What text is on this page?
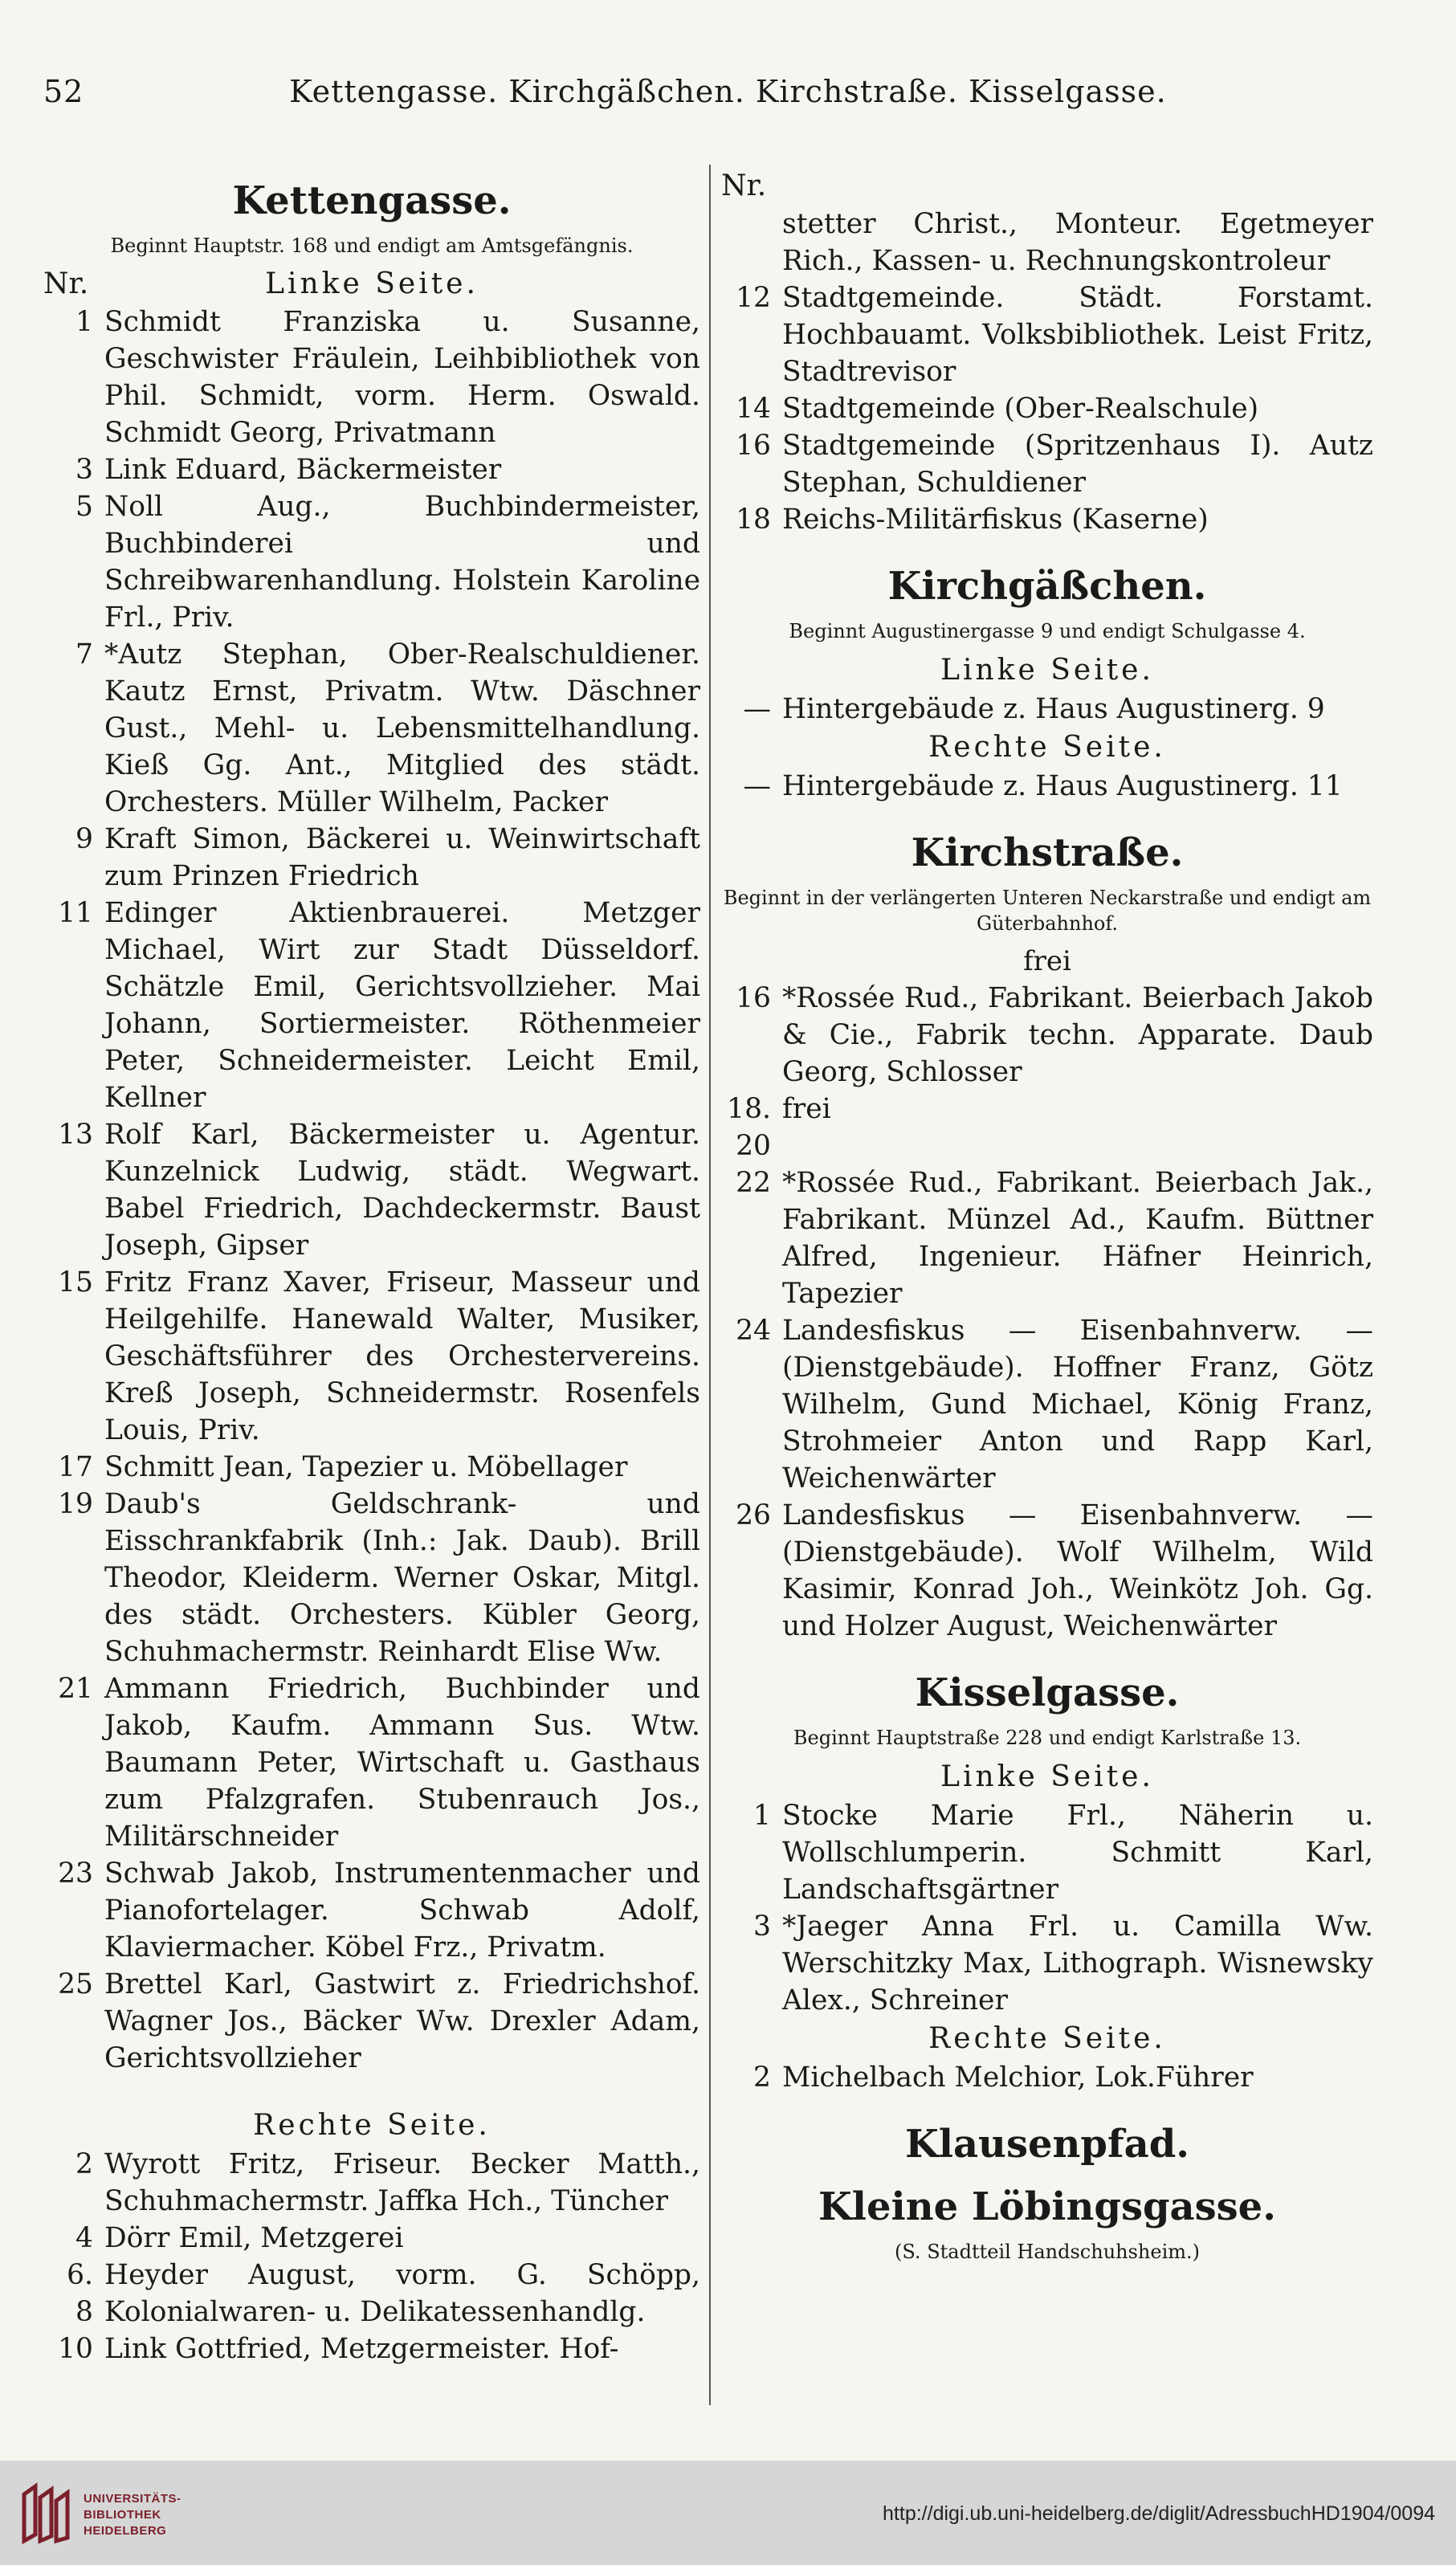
52	Kettengasse. Kirchgäßchen. Kirchstraße. Kisselgasse.
Kettengasse.
Beginnt Hauptstr. 168 und endigt am Amtsgefängnis.
Nr.	Linke Seite.
1 Schmidt Franziska u. Susanne, Geschwister Fräulein, Leihbibliothek von Phil. Schmidt, vorm. Herm. Oswald. Schmidt Georg, Privatmann
3 Link Eduard, Bäckermeister
5 Noll Aug., Buchbindermeister, Buchbinderei und Schreibwarenhandlung. Holstein Karoline Frl., Priv.
7 *Autz Stephan, Ober-Realschuldiener. Kautz Ernst, Privatm. Wtw. Däschner Gust., Mehl- u. Lebensmittelhandlung. Kieß Gg. Ant., Mitglied des städt. Orchesters. Müller Wilhelm, Packer
9 Kraft Simon, Bäckerei u. Weinwirtschaft zum Prinzen Friedrich
11 Edinger Aktienbrauerei. Metzger Michael, Wirt zur Stadt Düsseldorf. Schätzle Emil, Gerichtsvollzieher. Mai Johann, Sortiermeister. Röthenmeier Peter, Schneidermeister. Leicht Emil, Kellner
13 Rolf Karl, Bäckermeister u. Agentur. Kunzelnick Ludwig, städt. Wegwart. Babel Friedrich, Dachdeckermstr. Baust Joseph, Gipser
15 Fritz Franz Xaver, Friseur, Masseur und Heilgehilfe. Hanewald Walter, Musiker, Geschäftsführer des Orchestervereins. Kreß Joseph, Schneidermstr. Rosenfels Louis, Priv.
17 Schmitt Jean, Tapezier u. Möbellager
19 Daub's Geldschrank- und Eisschrankfabrik (Inh.: Jak. Daub). Brill Theodor, Kleiderm. Werner Oskar, Mitgl. des städt. Orchesters. Kübler Georg, Schuhmachermstr. Reinhardt Elise Ww.
21 Ammann Friedrich, Buchbinder und Jakob, Kaufm. Ammann Sus. Wtw. Baumann Peter, Wirtschaft u. Gasthaus zum Pfalzgrafen. Stubenrauch Jos., Militärschneider
23 Schwab Jakob, Instrumentenmacher und Pianofortelager. Schwab Adolf, Klaviermacher. Köbel Frz., Privatm.
25 Brettel Karl, Gastwirt z. Friedrichshof. Wagner Jos., Bäcker Ww. Drexler Adam, Gerichtsvollzieher
Rechte Seite.
2 Wyrott Fritz, Friseur. Becker Matth., Schuhmachermstr. Jaffka Hch., Tüncher
4 Dörr Emil, Metzgerei
6. 8
Heyder August, vorm. G. Schöpp, Kolonialwaren- u. Delikatessenhandlg.
10 Link Gottfried, Metzgermeister. Hof-
Nr.
stetter Christ., Monteur. Egetmeyer Rich., Kassen- u. Rechnungskontroleur
12 Stadtgemeinde. Städt. Forstamt. Hochbauamt. Volksbibliothek. Leist Fritz, Stadtrevisor
14 Stadtgemeinde (Ober-Realschule)
16 Stadtgemeinde (Spritzenhaus I). Autz Stephan, Schuldiener
18 Reichs-Militärfiskus (Kaserne)
Kirchgäßchen.
Beginnt Augustinergasse 9 und endigt Schulgasse 4.
Linke Seite.
— Hintergebäude z. Haus Augustinerg. 9
Rechte Seite.
— Hintergebäude z. Haus Augustinerg. 11
Kirchstraße.
Beginnt in der verlängerten Unteren Neckarstraße und endigt am Güterbahnhof.
frei
16 *Rossée Rud., Fabrikant. Beierbach Jakob & Cie., Fabrik techn. Apparate. Daub Georg, Schlosser
18. 20
frei
22 *Rossée Rud., Fabrikant. Beierbach Jak., Fabrikant. Münzel Ad., Kaufm. Büttner Alfred, Ingenieur. Häfner Heinrich, Tapezier
24 Landesfiskus — Eisenbahnverw. — (Dienstgebäude). Hoffner Franz, Götz Wilhelm, Gund Michael, König Franz, Strohmeier Anton und Rapp Karl, Weichenwärter
26 Landesfiskus — Eisenbahnverw. — (Dienstgebäude). Wolf Wilhelm, Wild Kasimir, Konrad Joh., Weinkötz Joh. Gg. und Holzer August, Weichenwärter
Kisselgasse.
Beginnt Hauptstraße 228 und endigt Karlstraße 13.
Linke Seite.
1 Stocke Marie Frl., Näherin u. Wollschlumperin. Schmitt Karl, Landschaftsgärtner
3 *Jaeger Anna Frl. u. Camilla Ww. Werschitzky Max, Lithograph. Wisnewsky Alex., Schreiner
Rechte Seite.
2 Michelbach Melchior, Lok.Führer
Klausenpfad.
Kleine Löbingsgasse.
(S. Stadtteil Handschuhsheim.)
UNIVERSITÄTS-
BIBLIOTHEK
HEIDELBERG
http://digi.ub.uni-heidelberg.de/diglit/AdressbuchHD1904/0094
